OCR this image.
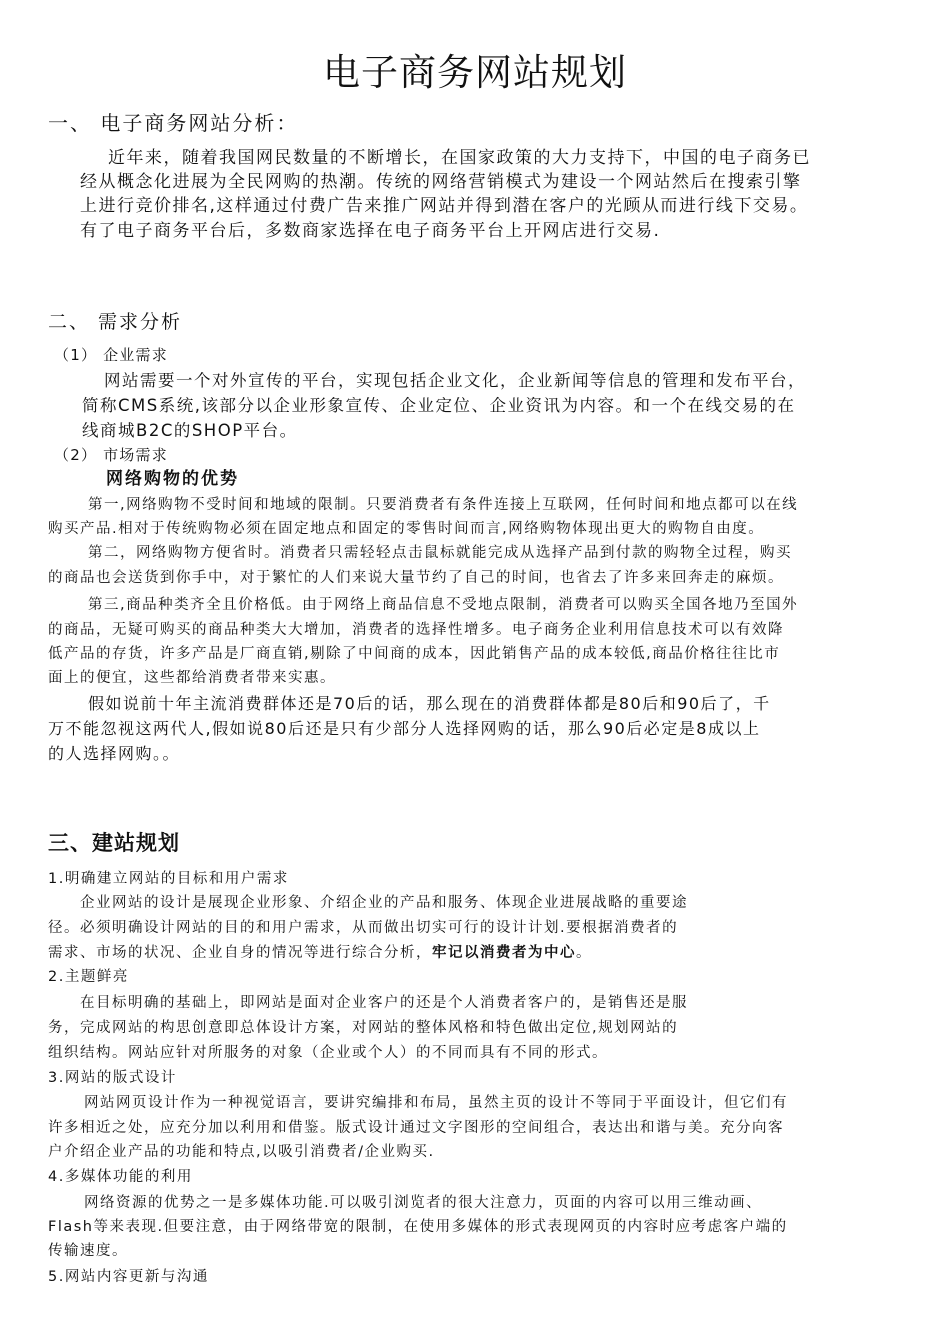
电子商务网站规划
一、 电子商务网站分析：
近年来，随着我国网民数量的不断增长，在国家政策的大力支持下，中国的电子商务已
经从概念化进展为全民网购的热潮。传统的网络营销模式为建设一个网站然后在搜索引擎
上进行竞价排名,这样通过付费广告来推广网站并得到潜在客户的光顾从而进行线下交易。
有了电子商务平台后，多数商家选择在电子商务平台上开网店进行交易.
二、 需求分析
（1） 企业需求
网站需要一个对外宣传的平台，实现包括企业文化，企业新闻等信息的管理和发布平台，
简称CMS系统,该部分以企业形象宣传、企业定位、企业资讯为内容。和一个在线交易的在
线商城B2C的SHOP平台。
（2） 市场需求
网络购物的优势
第一,网络购物不受时间和地域的限制。只要消费者有条件连接上互联网，任何时间和地点都可以在线
购买产品.相对于传统购物必须在固定地点和固定的零售时间而言,网络购物体现出更大的购物自由度。
第二，网络购物方便省时。消费者只需轻轻点击鼠标就能完成从选择产品到付款的购物全过程，购买
的商品也会送货到你手中，对于繁忙的人们来说大量节约了自己的时间，也省去了许多来回奔走的麻烦。
第三,商品种类齐全且价格低。由于网络上商品信息不受地点限制，消费者可以购买全国各地乃至国外
的商品，无疑可购买的商品种类大大增加，消费者的选择性增多。电子商务企业利用信息技术可以有效降
低产品的存货，许多产品是厂商直销,剔除了中间商的成本，因此销售产品的成本较低,商品价格往往比市
面上的便宜，这些都给消费者带来实惠。
假如说前十年主流消费群体还是70后的话，那么现在的消费群体都是80后和90后了，千
万不能忽视这两代人,假如说80后还是只有少部分人选择网购的话，那么90后必定是8成以上
的人选择网购。。
三、建站规划
1.明确建立网站的目标和用户需求
企业网站的设计是展现企业形象、介绍企业的产品和服务、体现企业进展战略的重要途
径。必须明确设计网站的目的和用户需求，从而做出切实可行的设计计划.要根据消费者的
需求、市场的状况、企业自身的情况等进行综合分析，牢记以消费者为中心。
2.主题鲜亮
在目标明确的基础上，即网站是面对企业客户的还是个人消费者客户的，是销售还是服
务，完成网站的构思创意即总体设计方案，对网站的整体风格和特色做出定位,规划网站的
组织结构。网站应针对所服务的对象（企业或个人）的不同而具有不同的形式。
3.网站的版式设计
网站网页设计作为一种视觉语言，要讲究编排和布局，虽然主页的设计不等同于平面设计，但它们有
许多相近之处，应充分加以利用和借鉴。版式设计通过文字图形的空间组合，表达出和谐与美。充分向客
户介绍企业产品的功能和特点,以吸引消费者/企业购买.
4.多媒体功能的利用
网络资源的优势之一是多媒体功能.可以吸引浏览者的很大注意力，页面的内容可以用三维动画、
Flash等来表现.但要注意，由于网络带宽的限制，在使用多媒体的形式表现网页的内容时应考虑客户端的
传输速度。
5.网站内容更新与沟通
